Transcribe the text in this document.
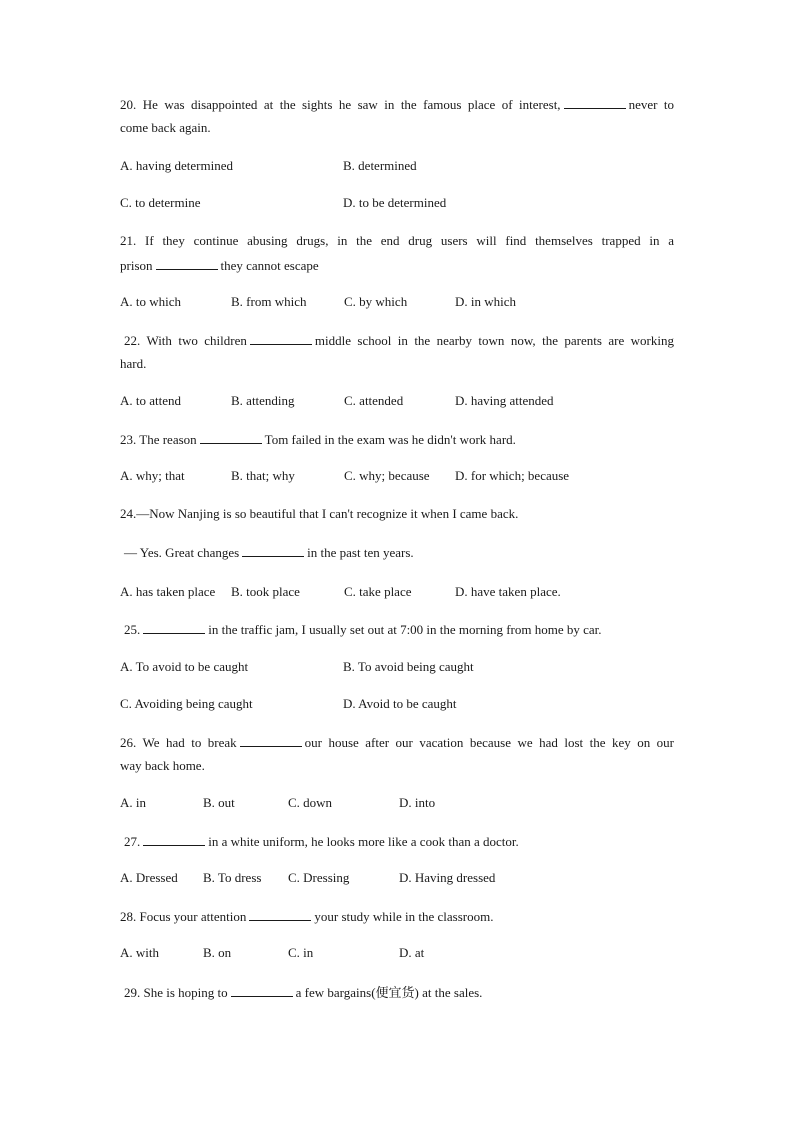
20. He was disappointed at the sights he saw in the famous place of interest,	never to
come back again.
A. having determined	B. determined
C. to determine	D. to be determined
21. If they continue abusing drugs, in the end drug users will find themselves trapped in a
prison	they cannot escape
A. to which	B. from which	C. by which	D. in which
22. With two children	middle school in the nearby town now, the parents are working
hard.
A. to attend	B. attending	C. attended	D. having attended
23. The reason	Tom failed in the exam was he didn't work hard.
A. why; that	B. that; why	C. why; because D. for which; because
24.—Now Nanjing is so beautiful that I can't recognize it when I came back.
— Yes. Great changes	in the past ten years.
A. has taken place B. took place	C. take place	D. have taken place.
25.	in the traffic jam, I usually set out at 7:00 in the morning from home by car.
A. To avoid to be caught	B. To avoid being caught
C. Avoiding being caught	D. Avoid to be caught
26. We had to break	our house after our vacation because we had lost the key on our
way back home.
A. in	B. out	C. down	D. into
27.	in a white uniform, he looks more like a cook than a doctor.
A. Dressed B. To dress C. Dressing	D. Having dressed
28. Focus your attention	your study while in the classroom.
A. with	B. on	C. in	D. at
29. She is hoping to	a few bargains(便宜货) at the sales.
